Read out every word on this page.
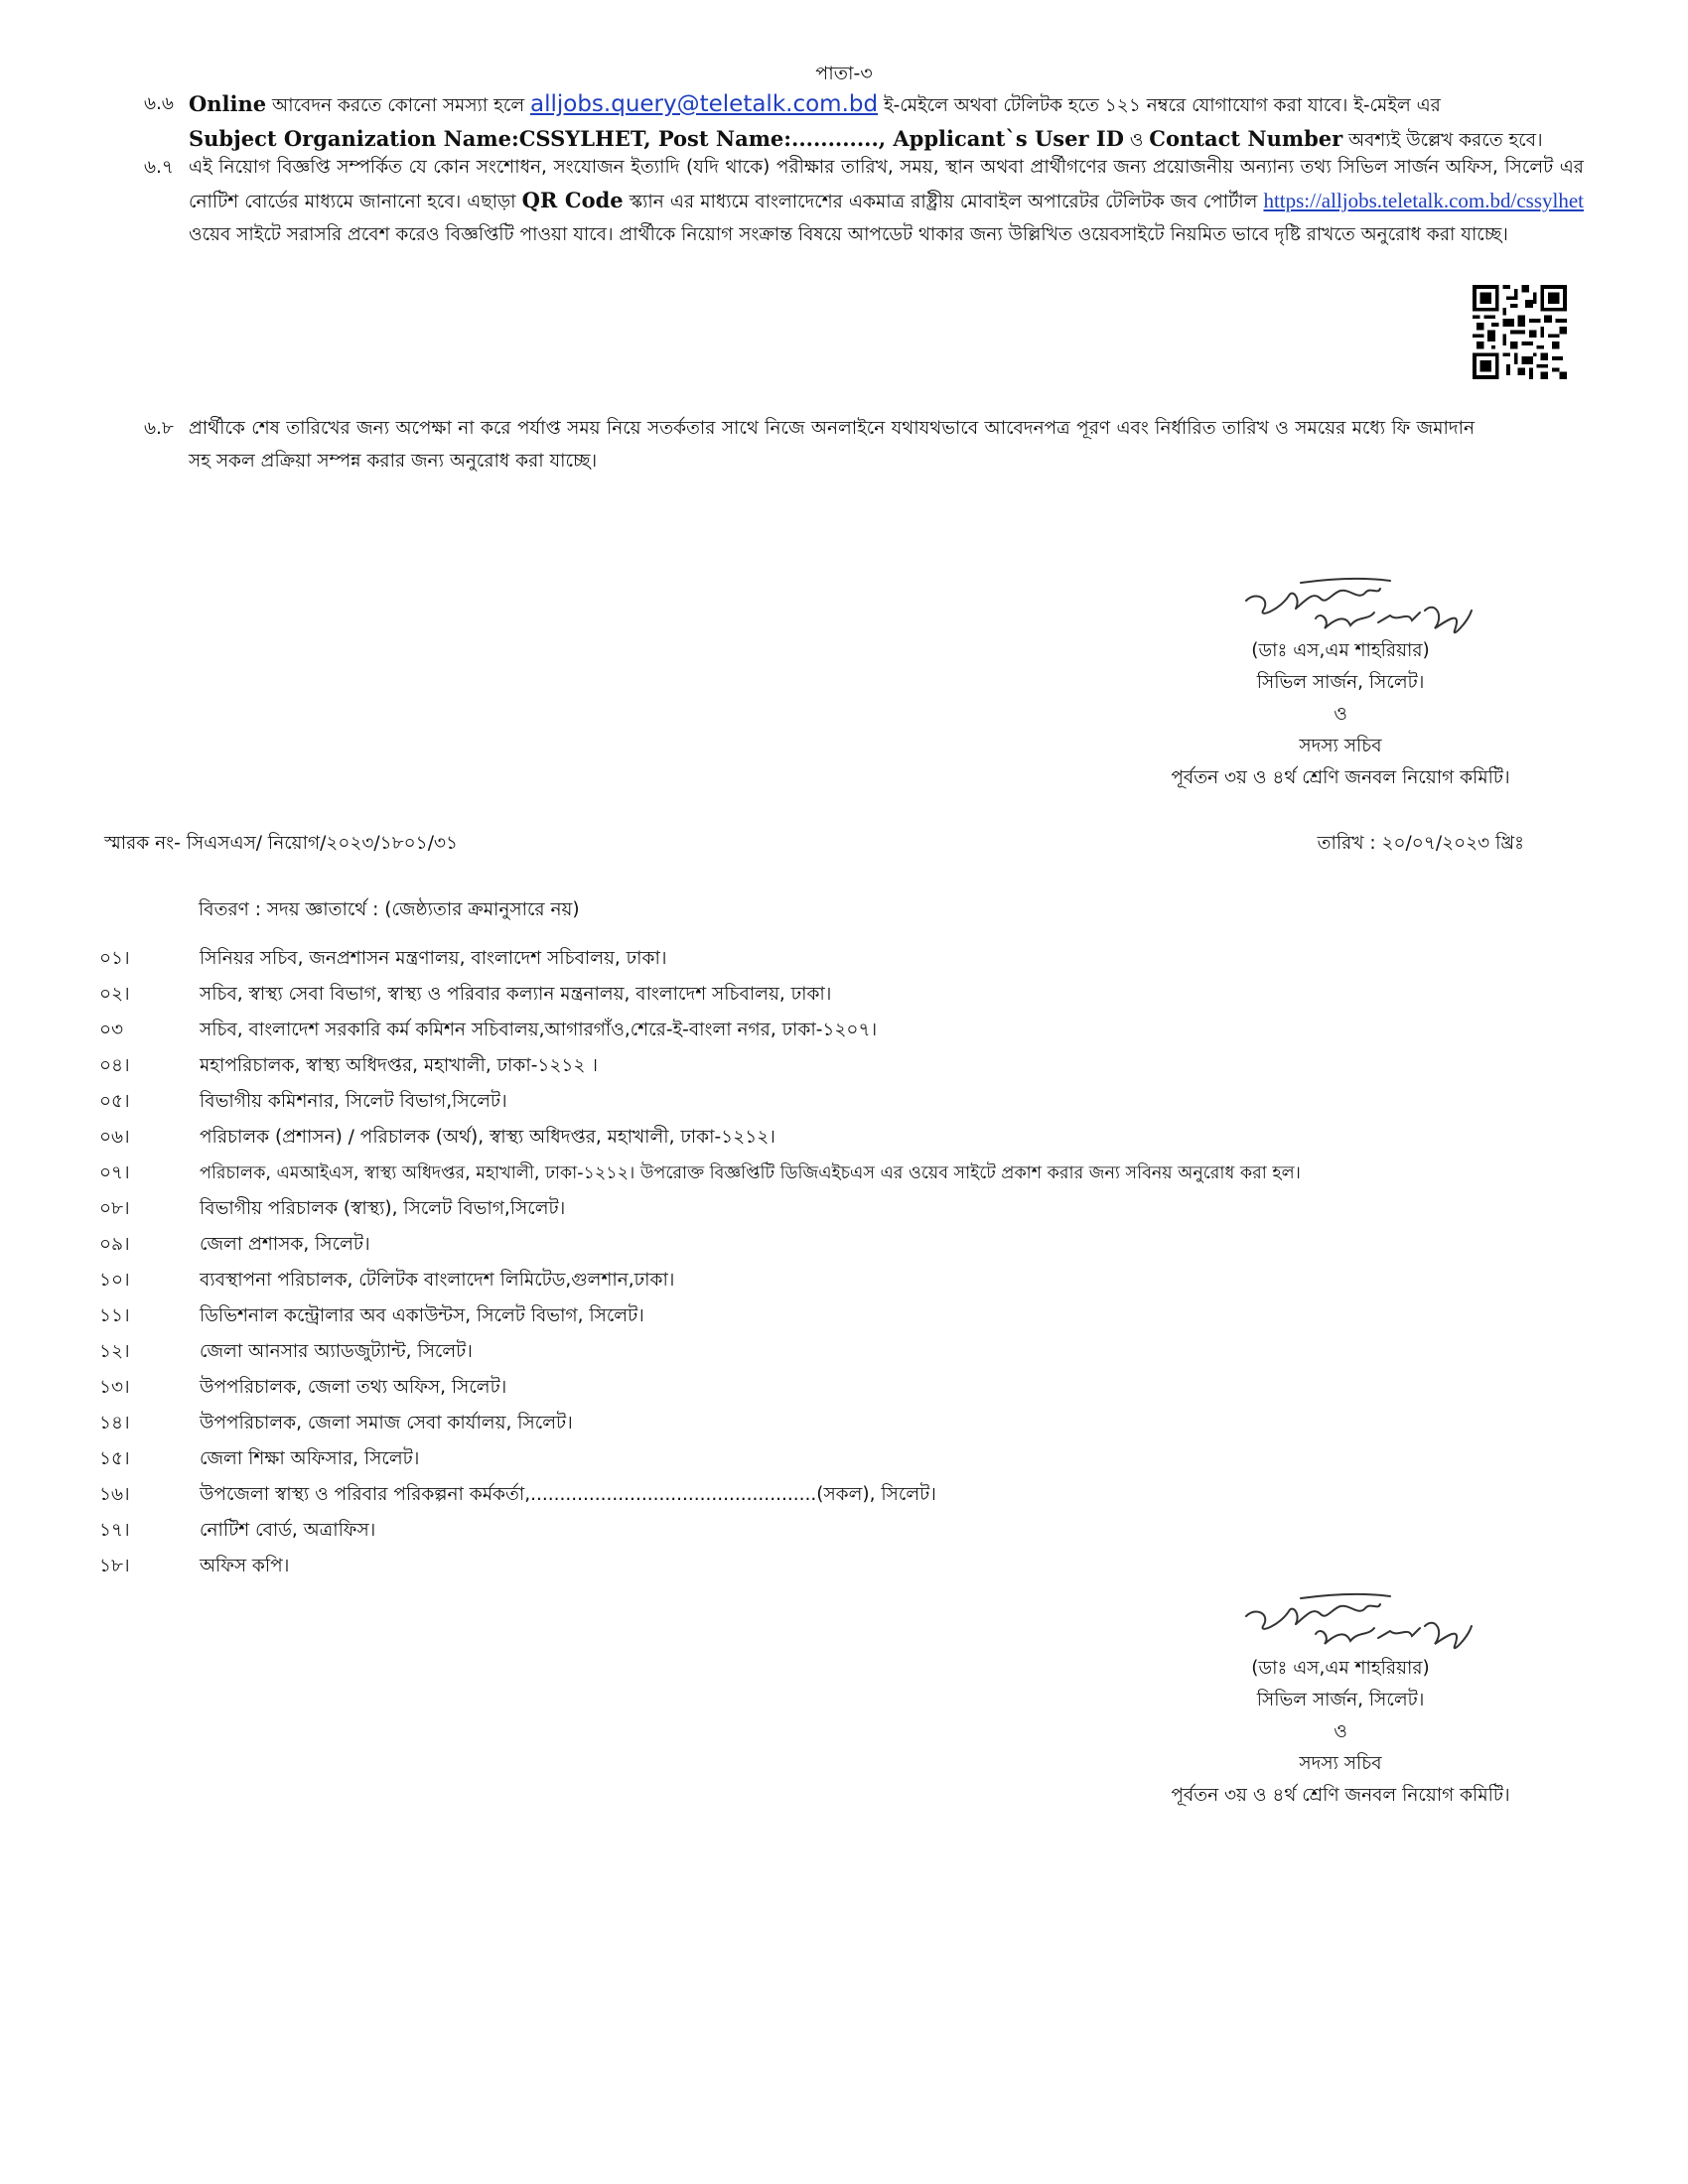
পাতা-৩
৬.৬ Online আবেদন করতে কোনো সমস্যা হলে alljobs.query@teletalk.com.bd ই-মেইলে অথবা টেলিটক হতে ১২১ নম্বরে যোগাযোগ করা যাবে। ই-মেইল এর
Subject Organization Name:CSSYLHET, Post Name:............, Applicant`s User ID ও Contact Number অবশ্যই উল্লেখ করতে হবে।
৬.৭ এই নিয়োগ বিজ্ঞপ্তি সম্পর্কিত যে কোন সংশোধন, সংযোজন ইত্যাদি (যদি থাকে) পরীক্ষার তারিখ, সময়, স্থান অথবা প্রার্থীগণের জন্য প্রয়োজনীয় অন্যান্য তথ্য সিভিল সার্জন অফিস, সিলেট এর নোটিশ বোর্ডের মাধ্যমে জানানো হবে। এছাড়া QR Code স্ক্যান এর মাধ্যমে বাংলাদেশের একমাত্র রাষ্ট্রীয় মোবাইল অপারেটর টেলিটক জব পোর্টাল https://alljobs.teletalk.com.bd/cssylhet ওয়েব সাইটে সরাসরি প্রবেশ করেও বিজ্ঞপ্তিটি পাওয়া যাবে। প্রার্থীকে নিয়োগ সংক্রান্ত বিষয়ে আপডেট থাকার জন্য উল্লিখিত ওয়েবসাইটে নিয়মিত ভাবে দৃষ্টি রাখতে অনুরোধ করা যাচ্ছে।
৬.৮ প্রার্থীকে শেষ তারিখের জন্য অপেক্ষা না করে পর্যাপ্ত সময় নিয়ে সতর্কতার সাথে নিজে অনলাইনে যথাযথভাবে আবেদনপত্র পূরণ এবং নির্ধারিত তারিখ ও সময়ের মধ্যে ফি জমাদান সহ সকল প্রক্রিয়া সম্পন্ন করার জন্য অনুরোধ করা যাচ্ছে।
(ডাঃ এস,এম শাহরিয়ার)
সিভিল সার্জন, সিলেট।
ও
সদস্য সচিব
পূর্বতন ৩য় ও ৪র্থ শ্রেণি জনবল নিয়োগ কমিটি।
স্মারক নং- সিএসএস/ নিয়োগ/২০২৩/১৮০১/৩১	তারিখ : ২০/০৭/২০২৩ খ্রিঃ
বিতরণ : সদয় জ্ঞাতার্থে : (জেষ্ঠ্যতার ক্রমানুসারে নয়)
০১।	সিনিয়র সচিব, জনপ্রশাসন মন্ত্রণালয়, বাংলাদেশ সচিবালয়, ঢাকা।
০২।	সচিব, স্বাস্থ্য সেবা বিভাগ, স্বাস্থ্য ও পরিবার কল্যান মন্ত্রনালয়, বাংলাদেশ সচিবালয়, ঢাকা।
০৩	সচিব, বাংলাদেশ সরকারি কর্ম কমিশন সচিবালয়,আগারগাঁও,শেরে-ই-বাংলা নগর, ঢাকা-১২০৭।
০৪।	মহাপরিচালক, স্বাস্থ্য অধিদপ্তর, মহাখালী, ঢাকা-১২১২ ।
০৫।	বিভাগীয় কমিশনার, সিলেট বিভাগ,সিলেট।
০৬।	পরিচালক (প্রশাসন) / পরিচালক (অর্থ), স্বাস্থ্য অধিদপ্তর, মহাখালী, ঢাকা-১২১২।
০৭।	পরিচালক, এমআইএস, স্বাস্থ্য অধিদপ্তর, মহাখালী, ঢাকা-১২১২। উপরোক্ত বিজ্ঞপ্তিটি ডিজিএইচএস এর ওয়েব সাইটে প্রকাশ করার জন্য সবিনয় অনুরোধ করা হল।
০৮।	বিভাগীয় পরিচালক (স্বাস্থ্য), সিলেট বিভাগ,সিলেট।
০৯।	জেলা প্রশাসক, সিলেট।
১০।	ব্যবস্থাপনা পরিচালক, টেলিটক বাংলাদেশ লিমিটেড,গুলশান,ঢাকা।
১১।	ডিভিশনাল কন্ট্রোলার অব একাউন্টস, সিলেট বিভাগ, সিলেট।
১২।	জেলা আনসার অ্যাডজুট্যান্ট, সিলেট।
১৩।	উপপরিচালক, জেলা তথ্য অফিস, সিলেট।
১৪।	উপপরিচালক, জেলা সমাজ সেবা কার্যালয়, সিলেট।
১৫।	জেলা শিক্ষা অফিসার, সিলেট।
১৬।	উপজেলা স্বাস্থ্য ও পরিবার পরিকল্পনা কর্মকর্তা,.................................................(সকল), সিলেট।
১৭।	নোটিশ বোর্ড, অত্রাফিস।
১৮।	অফিস কপি।
(ডাঃ এস,এম শাহরিয়ার)
সিভিল সার্জন, সিলেট।
ও
সদস্য সচিব
পূর্বতন ৩য় ও ৪র্থ শ্রেণি জনবল নিয়োগ কমিটি।
